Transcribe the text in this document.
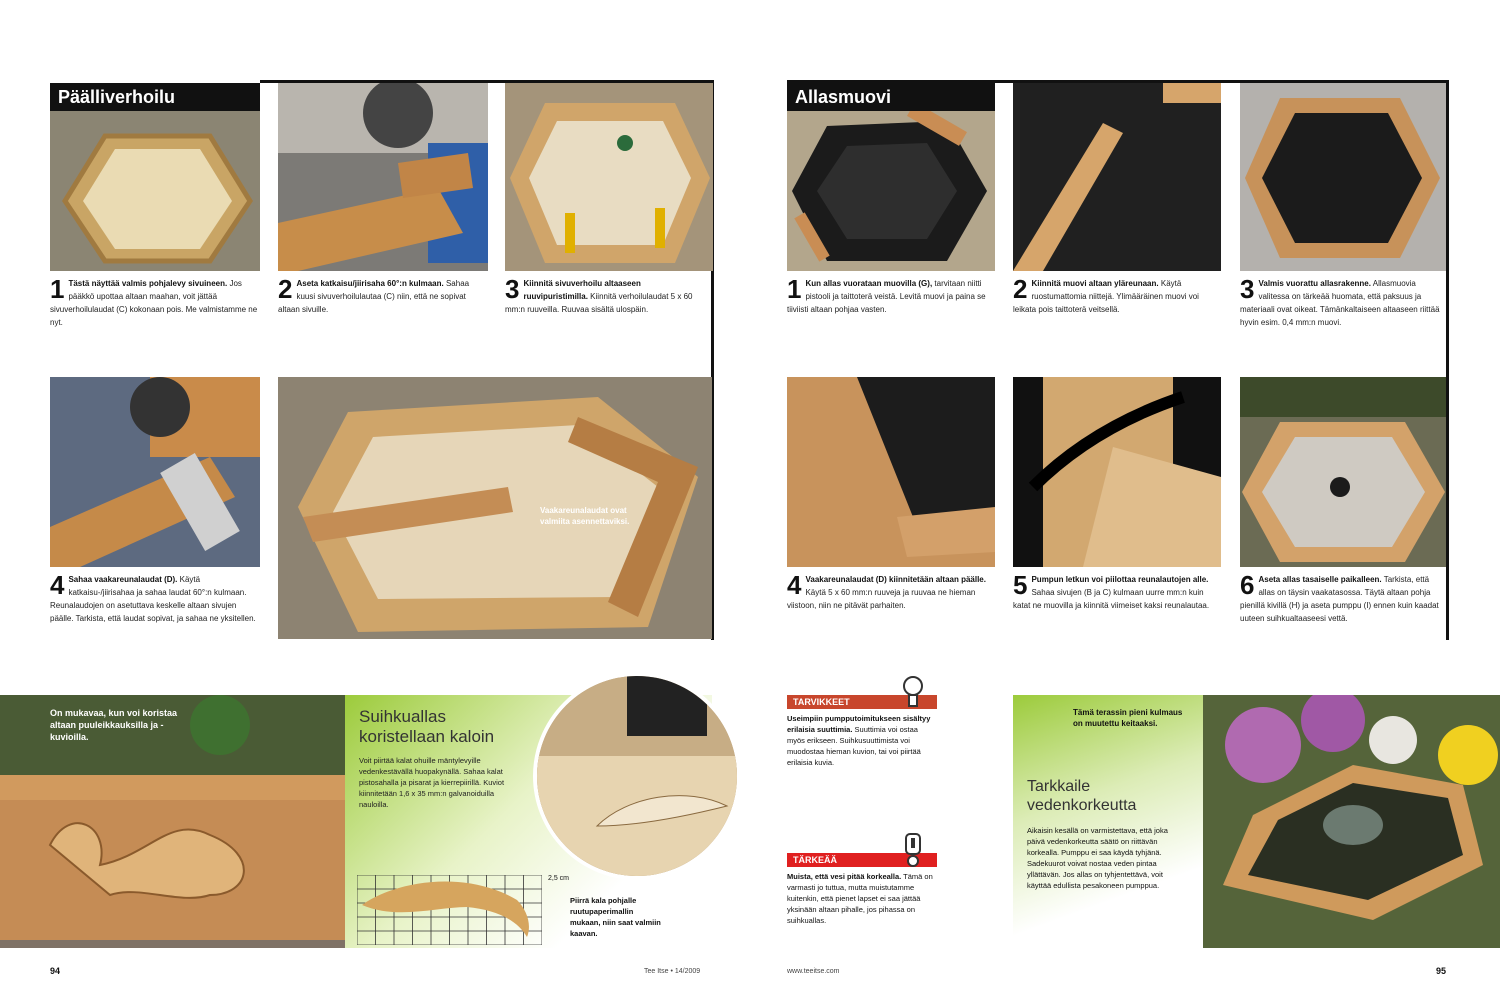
Päälliverhoilu
1 Tästä näyttää valmis pohjalevy sivuineen. Jos pääkkö upottaa altaan maahan, voit jättää sivuverhoilulaudat (C) kokonaan pois. Me valmistamme ne nyt.
2 Aseta katkaisu/jiirisaha 60°:n kulmaan. Sahaa kuusi sivuverhoilulautaa (C) niin, että ne sopivat altaan sivuille.
3 Kiinnitä sivuverhoilu altaaseen ruuvipuristimilla. Kiinnitä verhoilulaudat 5 x 60 mm:n ruuveilla. Ruuvaa sisältä ulospäin.
Vaakareunalaudat ovat valmiita asennettaviksi.
4 Sahaa vaakareunalaudat (D). Käytä katkaisu-/jiirisahaa ja sahaa laudat 60°:n kulmaan. Reunalaudojen on asetuttava keskelle altaan sivujen päälle. Tarkista, että laudat sopivat, ja sahaa ne yksitellen.
Allasmuovi
1 Kun allas vuorataan muovilla (G), tarvitaan niitti pistooli ja taittoterä veistä. Levitä muovi ja paina se tiiviisti altaan pohjaa vasten.
2 Kiinnitä muovi altaan yläreunaan. Käytä ruostumattomia niittejä. Ylimääräinen muovi voi leikata pois taittoterä veitsellä.
3 Valmis vuorattu allasrakenne. Allasmuovia valitessa on tärkeää huomata, että paksuus ja materiaali ovat oikeat. Tämänkaltaiseen altaaseen riittää hyvin esim. 0,4 mm:n muovi.
4 Vaakareunalaudat (D) kiinnitetään altaan päälle. Käytä 5 x 60 mm:n ruuveja ja ruuvaa ne hieman viistoon, niin ne pitävät parhaiten.
5 Pumpun letkun voi piilottaa reunalautojen alle. Sahaa sivujen (B ja C) kulmaan uurre mm:n kuin katat ne muovilla ja kiinnitä viimeiset kaksi reunalautaa.
6 Aseta allas tasaiselle paikalleen. Tarkista, että allas on täysin vaakatasossa. Täytä altaan pohja pienillä kivillä (H) ja aseta pumppu (I) ennen kuin kaadat uuteen suihkualtaaseesi vettä.
On mukavaa, kun voi koristaa altaan puuleikkauksilla ja -kuvioilla.
Suihkuallas koristellaan kaloin
Voit piirtää kalat ohuille mäntylevyille vedenkestävällä huopakynällä. Sahaa kalat pistosahalla ja pisarat ja kierrepiirillä. Kuviot kiinnitetään 1,6 x 35 mm:n galvanoiduilla nauloilla.
2,5 cm
Piirrä kala pohjalle ruutupaperimallin mukaan, niin saat valmiin kaavan.
TARVIKKEET
Useimpiin pumpputoimitukseen sisältyy erilaisia suuttimia. Suuttimia voi ostaa myös erikseen. Suihkusuuttimista voi muodostaa hieman kuvion, tai voi piirtää erilaisia kuvia.
TÄRKEÄÄ
Muista, että vesi pitää korkealla. Tämä on varmasti jo tuttua, mutta muistutamme kuitenkin, että pienet lapset ei saa jättää yksinään altaan pihalle, jos pihassa on suihkuallas.
Tämä terassin pieni kulmaus on muutettu keitaaksi.
Tarkkaile vedenkorkeutta
Aikaisin kesällä on varmistettava, että joka päivä vedenkorkeutta säätö on riittävän korkealla. Pumppu ei saa käydä tyhjänä. Sadekuurot voivat nostaa veden pintaa yllättävän. Jos allas on tyhjentettävä, voit käyttää edullista pesakoneen pumppua.
94	Tee Itse • 14/2009	www.teeitse.com	95
